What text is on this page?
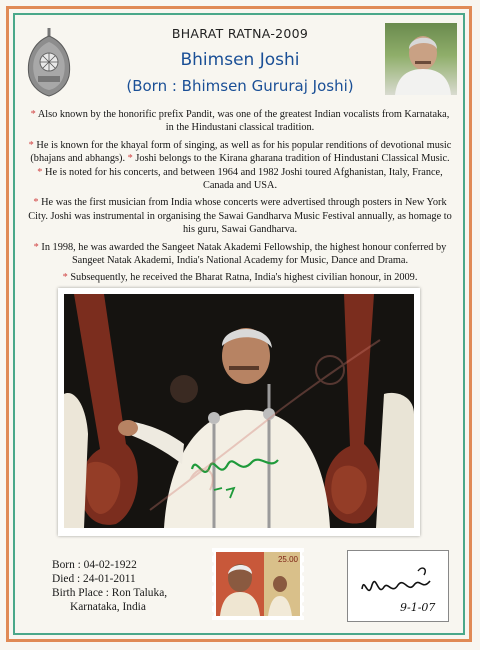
BHARAT RATNA-2009
Bhimsen Joshi
(Born : Bhimsen Gururaj Joshi)

* Also known by the honorific prefix Pandit, was one of the greatest Indian vocalists from Karnataka, in the Hindustani classical tradition.

* He is known for the khayal form of singing, as well as for his popular renditions of devotional music (bhajans and abhangs). * Joshi belongs to the Kirana gharana tradition of Hindustani Classical Music. * He is noted for his concerts, and between 1964 and 1982 Joshi toured Afghanistan, Italy, France, Canada and USA.

* He was the first musician from India whose concerts were advertised through posters in New York City. Joshi was instrumental in organising the Sawai Gandharva Music Festival annually, as homage to his guru, Sawai Gandharva.

* In 1998, he was awarded the Sangeet Natak Akademi Fellowship, the highest honour conferred by Sangeet Natak Akademi, India's National Academy for Music, Dance and Drama.

* Subsequently, he received the Bharat Ratna, India's highest civilian honour, in 2009.

Born : 04-02-1922
Died : 24-01-2011
Birth Place : Ron Taluka,
Karnataka, India
25.00
9-1-07
